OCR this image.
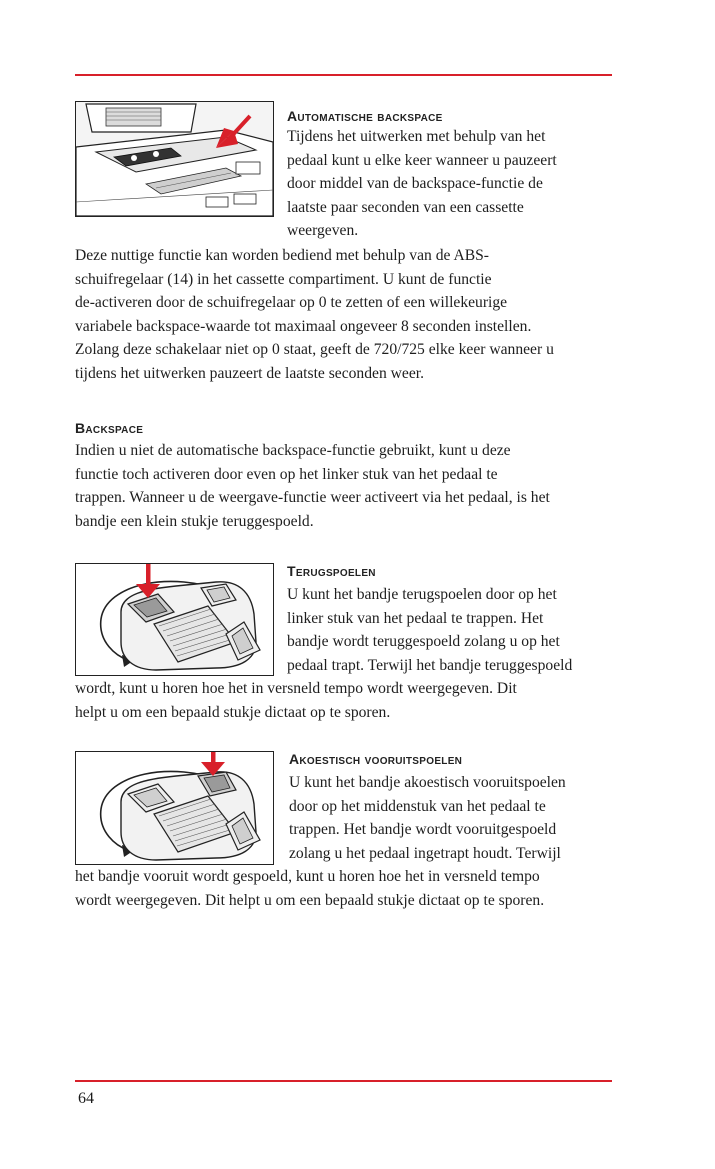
Automatische backspace

Tijdens het uitwerken met behulp van het
pedaal kunt u elke keer wanneer u pauzeert
door middel van de backspace-functie de
laatste paar seconden van een cassette
weergeven.

Deze nuttige functie kan worden bediend met behulp van de ABS-
schuifregelaar (14) in het cassette compartiment. U kunt de functie
de-activeren door de schuifregelaar op 0 te zetten of een willekeurige
variabele backspace-waarde tot maximaal ongeveer 8 seconden instellen.
Zolang deze schakelaar niet op 0 staat, geeft de 720/725 elke keer wanneer u
tijdens het uitwerken pauzeert de laatste seconden weer.

Backspace

Indien u niet de automatische backspace-functie gebruikt, kunt u deze
functie toch activeren door even op het linker stuk van het pedaal te
trappen. Wanneer u de weergave-functie weer activeert via het pedaal, is het
bandje een klein stukje teruggespoeld.

Terugspoelen

U kunt het bandje terugspoelen door op het
linker stuk van het pedaal te trappen. Het
bandje wordt teruggespoeld zolang u op het
pedaal trapt. Terwijl het bandje teruggespoeld

wordt, kunt u horen hoe het in versneld tempo wordt weergegeven. Dit
helpt u om een bepaald stukje dictaat op te sporen.

Akoestisch vooruitspoelen

U kunt het bandje akoestisch vooruitspoelen
door op het middenstuk van het pedaal te
trappen. Het bandje wordt vooruitgespoeld
zolang u het pedaal ingetrapt houdt. Terwijl

het bandje vooruit wordt gespoeld, kunt u horen hoe het in versneld tempo
wordt weergegeven. Dit helpt u om een bepaald stukje dictaat op te sporen.

64
